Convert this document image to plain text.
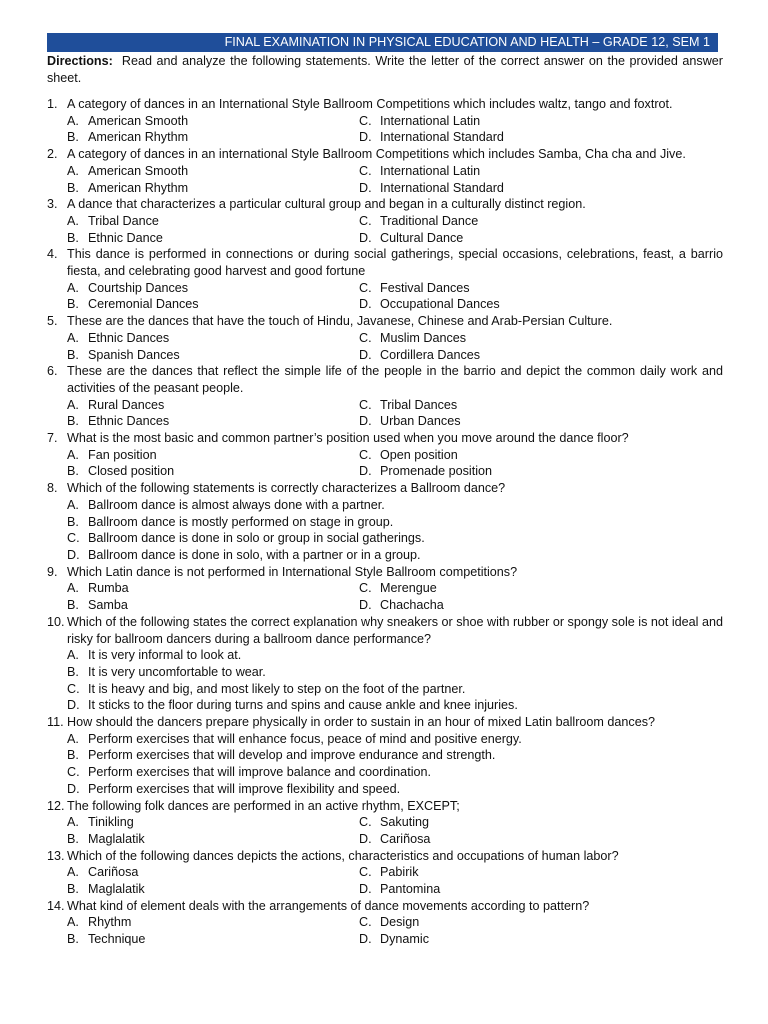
FINAL EXAMINATION IN PHYSICAL EDUCATION AND HEALTH – GRADE 12, SEM 1
Directions: Read and analyze the following statements. Write the letter of the correct answer on the provided answer sheet.
1. A category of dances in an International Style Ballroom Competitions which includes waltz, tango and foxtrot.
A. American Smooth	C. International Latin
B. American Rhythm	D. International Standard
2. A category of dances in an international Style Ballroom Competitions which includes Samba, Cha cha and Jive.
A. American Smooth	C. International Latin
B. American Rhythm	D. International Standard
3. A dance that characterizes a particular cultural group and began in a culturally distinct region.
A. Tribal Dance	C. Traditional Dance
B. Ethnic Dance	D. Cultural Dance
4. This dance is performed in connections or during social gatherings, special occasions, celebrations, feast, a barrio fiesta, and celebrating good harvest and good fortune
A. Courtship Dances	C. Festival Dances
B. Ceremonial Dances	D. Occupational Dances
5. These are the dances that have the touch of Hindu, Javanese, Chinese and Arab-Persian Culture.
A. Ethnic Dances	C. Muslim Dances
B. Spanish Dances	D. Cordillera Dances
6. These are the dances that reflect the simple life of the people in the barrio and depict the common daily work and activities of the peasant people.
A. Rural Dances	C. Tribal Dances
B. Ethnic Dances	D. Urban Dances
7. What is the most basic and common partner’s position used when you move around the dance floor?
A. Fan position	C. Open position
B. Closed position	D. Promenade position
8. Which of the following statements is correctly characterizes a Ballroom dance?
A. Ballroom dance is almost always done with a partner.
B. Ballroom dance is mostly performed on stage in group.
C. Ballroom dance is done in solo or group in social gatherings.
D. Ballroom dance is done in solo, with a partner or in a group.
9. Which Latin dance is not performed in International Style Ballroom competitions?
A. Rumba	C. Merengue
B. Samba	D. Chachacha
10. Which of the following states the correct explanation why sneakers or shoe with rubber or spongy sole is not ideal and risky for ballroom dancers during a ballroom dance performance?
A. It is very informal to look at.
B. It is very uncomfortable to wear.
C. It is heavy and big, and most likely to step on the foot of the partner.
D. It sticks to the floor during turns and spins and cause ankle and knee injuries.
11. How should the dancers prepare physically in order to sustain in an hour of mixed Latin ballroom dances?
A. Perform exercises that will enhance focus, peace of mind and positive energy.
B. Perform exercises that will develop and improve endurance and strength.
C. Perform exercises that will improve balance and coordination.
D. Perform exercises that will improve flexibility and speed.
12. The following folk dances are performed in an active rhythm, EXCEPT;
A. Tinikling	C. Sakuting
B. Maglalatik	D. Cariñosa
13. Which of the following dances depicts the actions, characteristics and occupations of human labor?
A. Cariñosa	C. Pabirik
B. Maglalatik	D. Pantomina
14. What kind of element deals with the arrangements of dance movements according to pattern?
A. Rhythm	C. Design
B. Technique	D. Dynamic
